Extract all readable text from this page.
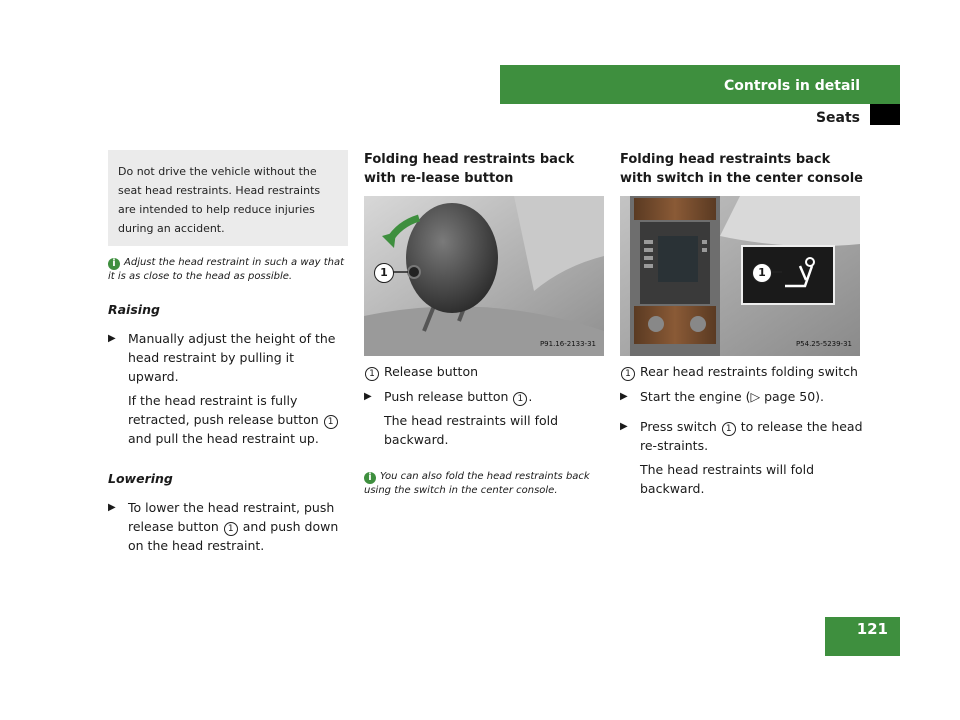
Controls in detail
Seats
Do not drive the vehicle without the seat head restraints. Head restraints are intended to help reduce injuries during an accident.
i Adjust the head restraint in such a way that it is as close to the head as possible.
Raising
▶ Manually adjust the height of the head restraint by pulling it upward.

If the head restraint is fully retracted, push release button 1 and pull the head restraint up.

Lowering
▶ To lower the head restraint, push release button 1 and push down on the head restraint.

Folding head restraints back with re-lease button
1
P91.16-2133-31
1 Release button
▶ Push release button 1 .

The head restraints will fold backward.

i You can also fold the head restraints back using the switch in the center console.
Folding head restraints back with switch in the center console
1
P54.25-5239-31
1 Rear head restraints folding switch
▶ Start the engine (▷ page 50).

▶ Press switch 1 to release the head re-straints.

The head restraints will fold backward.

121
